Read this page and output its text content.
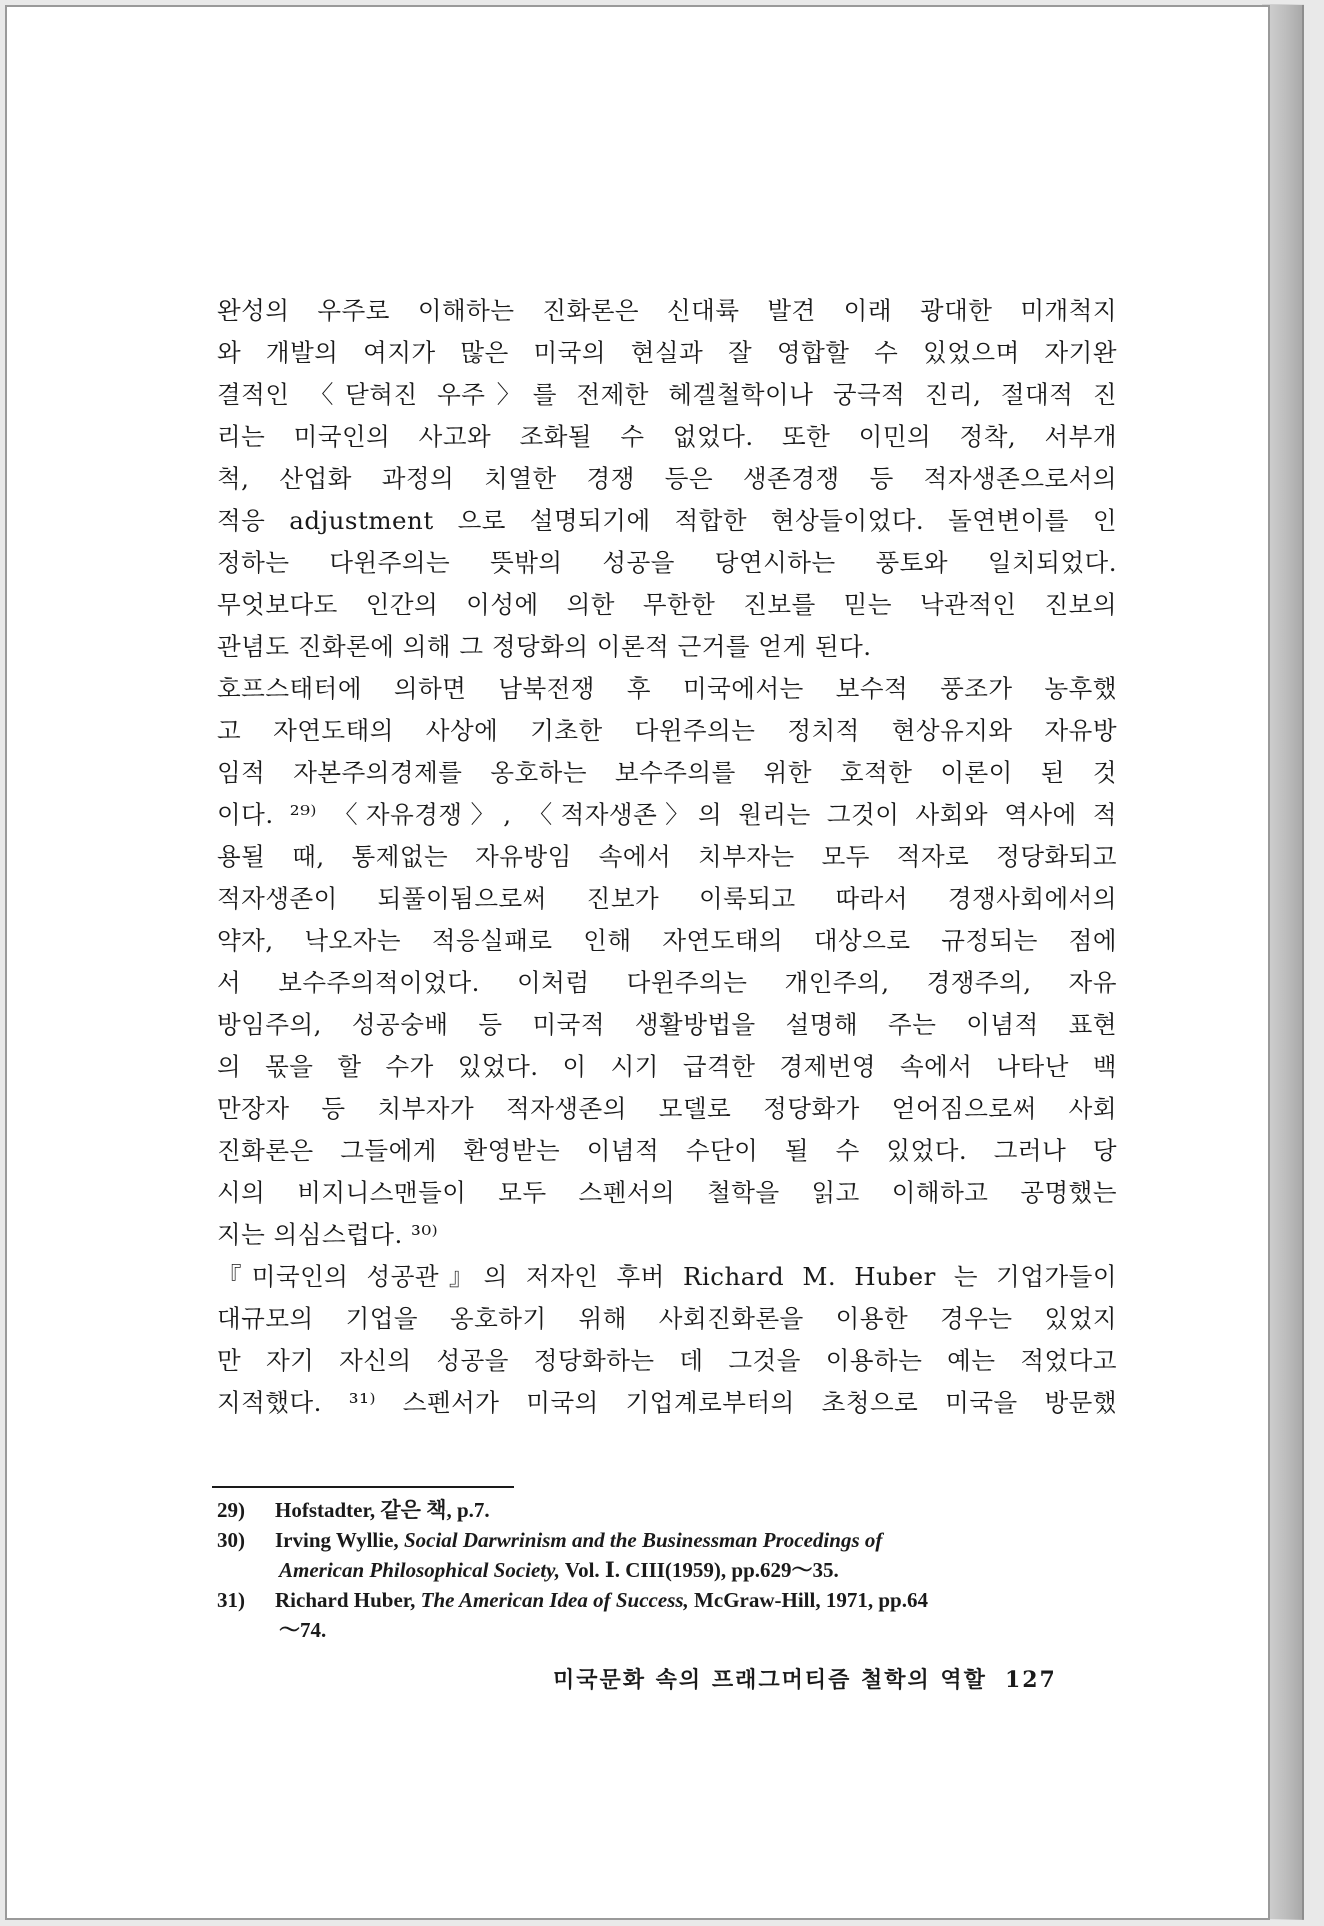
완성의 우주로 이해하는 진화론은 신대륙 발견 이래 광대한 미개척지
와 개발의 여지가 많은 미국의 현실과 잘 영합할 수 있었으며 자기완
결적인 〈닫혀진 우주〉를 전제한 헤겔철학이나 궁극적 진리, 절대적 진
리는 미국인의 사고와 조화될 수 없었다. 또한 이민의 정착, 서부개
척, 산업화 과정의 치열한 경쟁 등은 생존경쟁 등 적자생존으로서의
적응 adjustment 으로 설명되기에 적합한 현상들이었다. 돌연변이를 인
정하는 다윈주의는 뜻밖의 성공을 당연시하는 풍토와 일치되었다.
무엇보다도 인간의 이성에 의한 무한한 진보를 믿는 낙관적인 진보의
관념도 진화론에 의해 그 정당화의 이론적 근거를 얻게 된다.
호프스태터에 의하면 남북전쟁 후 미국에서는 보수적 풍조가 농후했
고 자연도태의 사상에 기초한 다윈주의는 정치적 현상유지와 자유방
임적 자본주의경제를 옹호하는 보수주의를 위한 호적한 이론이 된 것
이다. ²⁹⁾ 〈자유경쟁〉, 〈적자생존〉의 원리는 그것이 사회와 역사에 적
용될 때, 통제없는 자유방임 속에서 치부자는 모두 적자로 정당화되고
적자생존이 되풀이됨으로써 진보가 이룩되고 따라서 경쟁사회에서의
약자, 낙오자는 적응실패로 인해 자연도태의 대상으로 규정되는 점에
서 보수주의적이었다. 이처럼 다윈주의는 개인주의, 경쟁주의, 자유
방임주의, 성공숭배 등 미국적 생활방법을 설명해 주는 이념적 표현
의 몫을 할 수가 있었다. 이 시기 급격한 경제번영 속에서 나타난 백
만장자 등 치부자가 적자생존의 모델로 정당화가 얻어짐으로써 사회
진화론은 그들에게 환영받는 이념적 수단이 될 수 있었다. 그러나 당
시의 비지니스맨들이 모두 스펜서의 철학을 읽고 이해하고 공명했는
지는 의심스럽다. ³⁰⁾
『미국인의 성공관』의 저자인 후버 Richard M. Huber 는 기업가들이
대규모의 기업을 옹호하기 위해 사회진화론을 이용한 경우는 있었지
만 자기 자신의 성공을 정당화하는 데 그것을 이용하는 예는 적었다고
지적했다. ³¹⁾ 스펜서가 미국의 기업계로부터의 초청으로 미국을 방문했
29) Hofstadter, 같은 책, p.7.
30) Irving Wyllie, Social Darwrinism and the Businessman Procedings of
American Philosophical Society, Vol. Ⅰ. CIII(1959), pp.629～35.
31) Richard Huber, The American Idea of Success, McGraw-Hill, 1971, pp.64
～74.
미국문화 속의 프래그머티즘 철학의 역할 127
